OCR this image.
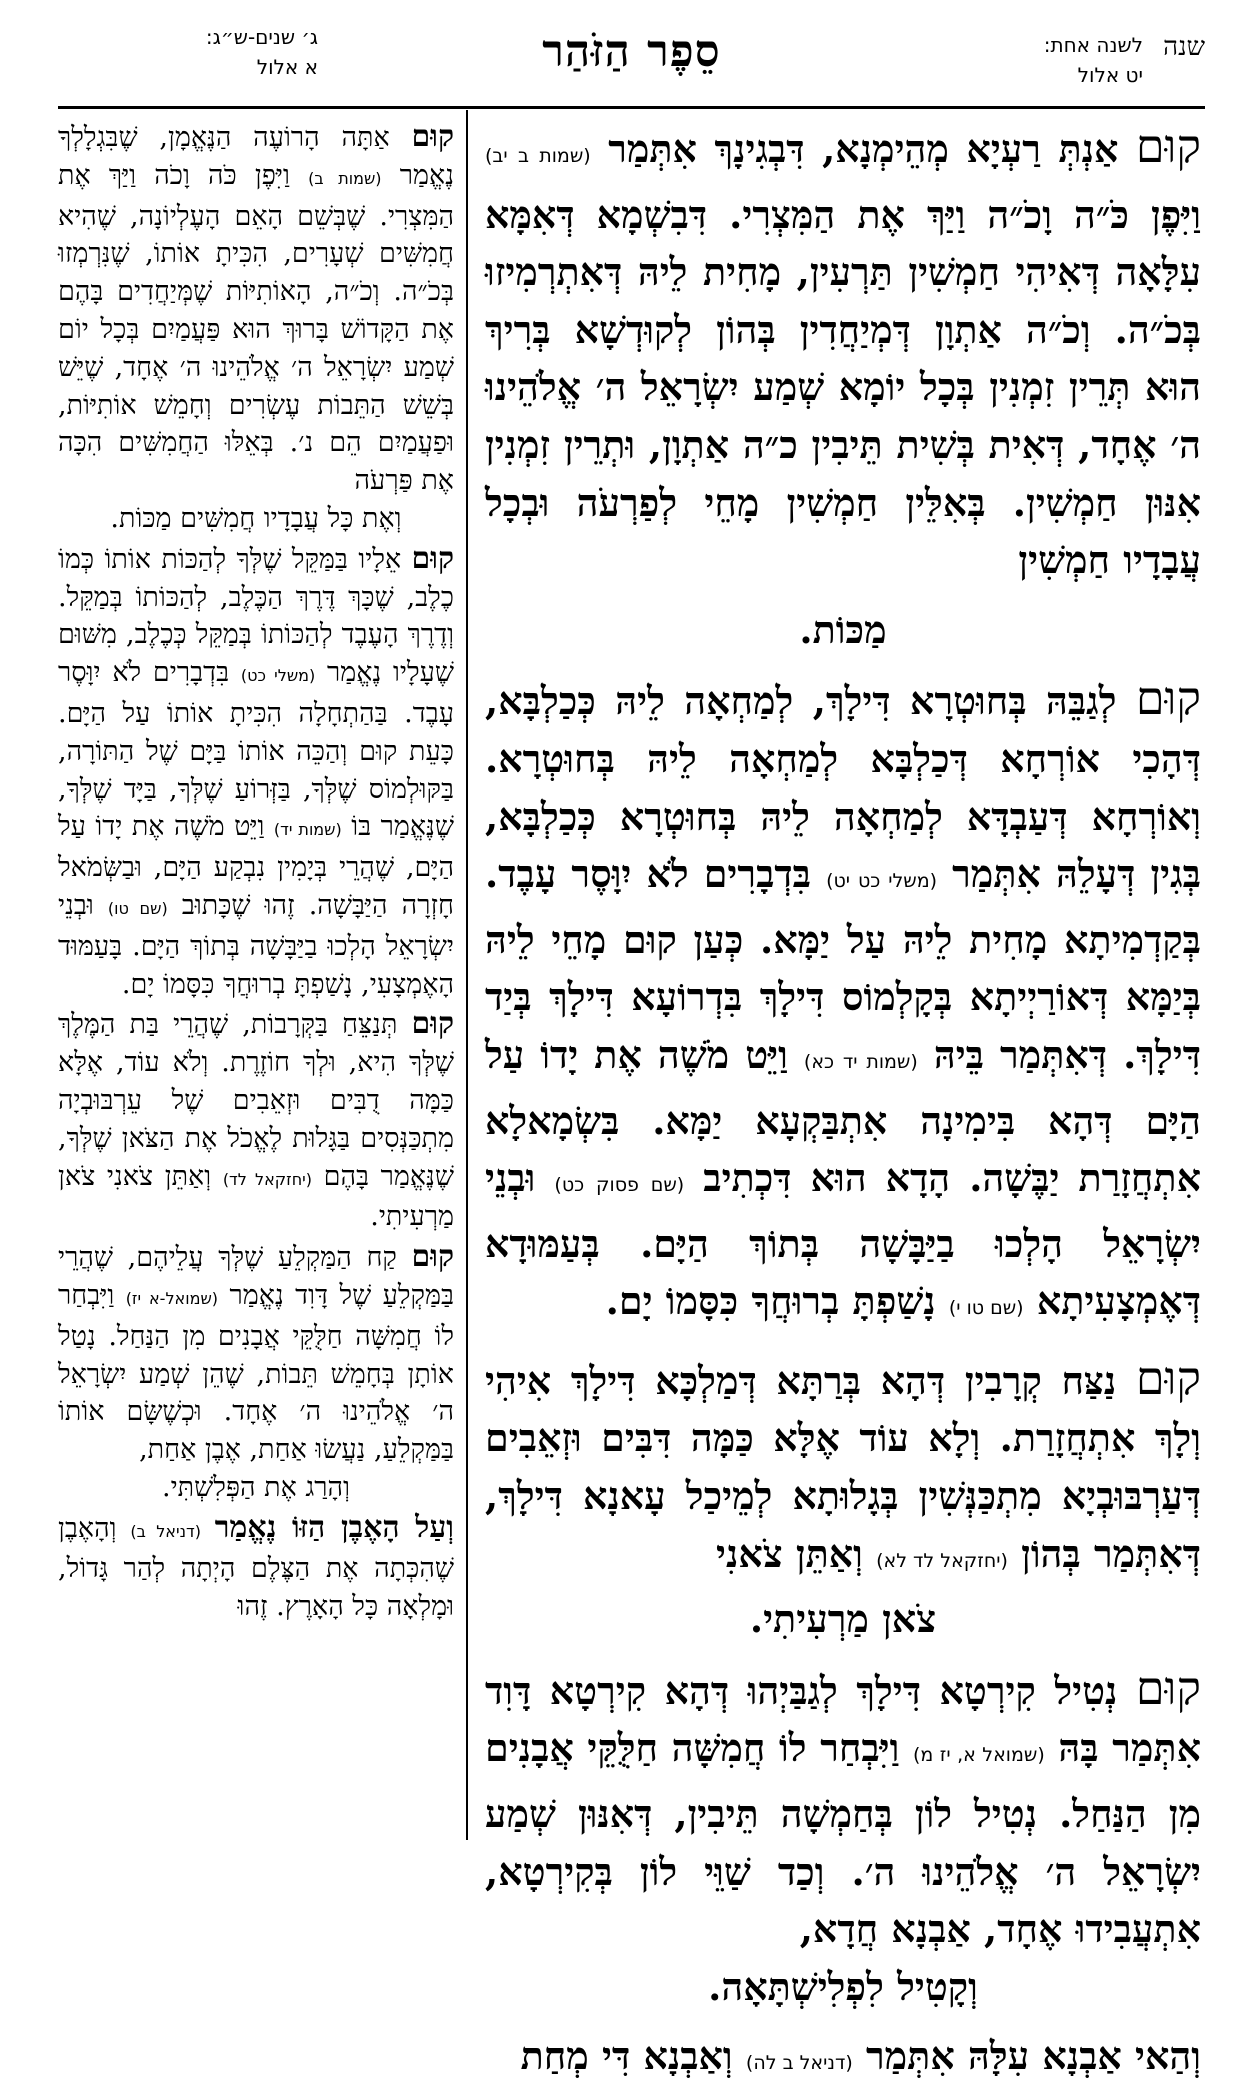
שנה
לשנה אחת:
יט אלול
סֵפֶר הַזֹּהַר
ג׳ שנים-ש״ג:
א אלול

קוּם אַנְתְּ רַעְיָא מְהֵימְנָא, דִּבְגִינָךְ אִתְּמַר (שמות ב יב) וַיִּפֶן כֹּ״ה וָכֹ״ה וַיַּךְ אֶת הַמִּצְרִי. דִּבִשְׁמָא דְּאִמָּא עִלָּאָה דְּאִיהִי חַמְשִׁין תַּרְעִין, מָחִית לֵיהּ דְּאִתְרְמִיזוּ בְּכֹ״ה. וְכֹ״ה אַתְוָן דְּמְיַחֲדִין בְּהוֹן לְקוּדְשָׁא בְּרִיךְ הוּא תְּרֵין זִמְנִין בְּכָל יוֹמָא שְׁמַע יִשְׂרָאֵל ה׳ אֱלֹהֵינוּ ה׳ אֶחָד, דְּאִית בְּשִׁית תֵּיבִין כ״ה אַתְוָן, וּתְרֵין זִמְנִין אִנּוּן חַמְשִׁין. בְּאִלֵּין חַמְשִׁין מָחֵי לְפַרְעֹה וּבְכָל עֲבָדָיו חַמְשִׁין

מַכּוֹת.

קוּם לְגַבֵּהּ בְּחוּטְרָא דִּילָךְ, לְמַחְאָה לֵיהּ כְּכַלְבָּא, דְּהָכִי אוֹרְחָא דְּכַלְבָּא לְמַחְאָה לֵיהּ בְּחוּטְרָא. וְאוֹרְחָא דְּעַבְדָּא לְמַחְאָה לֵיהּ בְּחוּטְרָא כְּכַלְבָּא, בְּגִין דְּעָלֵהּ אִתְּמַר (משלי כט יט) בִּדְבָרִים לֹא יִוָּסֶר עָבֶד. בְּקַדְמִיתָא מָחִית לֵיהּ עַל יַמָּא. כְּעַן קוּם מָחֵי לֵיהּ בְּיַמָּא דְּאוֹרַיְיתָא בְּקָלְמוֹס דִּילָךְ בִּדְרוֹעָא דִּילָךְ בְּיַד דִּילָךְ. דְּאִתְּמַר בֵּיהּ (שמות יד כא) וַיֵּט מֹשֶׁה אֶת יָדוֹ עַל הַיָּם דְּהָא בִּימִינָה אִתְבַּקְעָא יַמָּא. בִּשְׂמָאלָא אִתְחֲזָרַת יַבֶּשָׁה. הָדָא הוּא דִּכְתִיב (שם פסוק כט) וּבְנֵי יִשְׂרָאֵל הָלְכוּ בַיַּבָּשָׁה בְּתוֹךְ הַיָּם. בְּעַמּוּדָא דְּאֶמְצָעִיתָא (שם טו י) נָשַׁפְתָּ בְרוּחֲךָ כִּסָּמוֹ יָם.

קוּם נַצַּח קְרָבִין דְּהָא בְּרַתָּא דְּמַלְכָּא דִּילָךְ אִיהִי וְלָךְ אִתְחֲזָרַת. וְלָא עוֹד אֶלָּא כַּמָּה דִּבִּים וּזְאֵבִים דְּעַרְבּוּבְיָא מִתְכַּנְּשִׁין בְּגָלוּתָא לְמֵיכַל עָאנָא דִּילָךְ, דְּאִתְּמַר בְּהוֹן (יחזקאל לד לא) וְאַתֵּן צֹאנִי

צֹאן מַרְעִיתִי.

קוּם נְטִיל קִירְטָא דִּילָךְ לְגַבַּיְהוּ דְּהָא קִירְטָא דָּוִד אִתְּמַר בָּהּ (שמואל א, יז מ) וַיִּבְחַר לוֹ חֲמִשָּׁה חַלֻּקֵּי אֲבָנִים מִן הַנַּחַל. נְטִיל לוֹן בְּחַמְשָׁה תֵּיבִין, דְּאִנּוּן שְׁמַע יִשְׂרָאֵל ה׳ אֱלֹהֵינוּ ה׳. וְכַד שַׁוֵּי לוֹן בְּקִירְטָא, אִתְעֲבִידוּ אֶחָד, אַבְנָא חֲדָא,

וְקָטִיל לִפְלִישְׁתָּאָה.

וְהַאי אַבְנָא עִלָּהּ אִתְּמַר (דניאל ב לה) וְאַבְנָא דִּי מְחַת

קוּם אַתָּה הָרוֹעֶה הַנֶּאֱמָן, שֶׁבִּגְלָלְךָ נֶאֱמַר (שמות ב) וַיִּפֶן כֹּה וָכֹה וַיַּךְ אֶת הַמִּצְרִי. שֶׁבְּשֵׁם הָאֵם הָעֶלְיוֹנָה, שֶׁהִיא חֲמִשִּׁים שְׁעָרִים, הִכִּיתָ אוֹתוֹ, שֶׁנִּרְמְזוּ בְּכֹ״ה. וְכֹ״ה, הָאוֹתִיּוֹת שֶׁמְּיַחֲדִים בָּהֶם אֶת הַקָּדוֹשׁ בָּרוּךְ הוּא פַּעֲמַיִם בְּכָל יוֹם שְׁמַע יִשְׂרָאֵל ה׳ אֱלֹהֵינוּ ה׳ אֶחָד, שֶׁיֵּשׁ בְּשֵׁשׁ הַתֵּבוֹת עֶשְׂרִים וְחָמֵשׁ אוֹתִיּוֹת, וּפַעֲמַיִם הֵם נ׳. בְּאֵלּוּ הַחֲמִשִּׁים הִכָּה אֶת פַּרְעֹה

וְאֶת כָּל עֲבָדָיו חֲמִשִּׁים מַכּוֹת.

קוּם אֵלָיו בַּמַּקֵּל שֶׁלְּךָ לְהַכּוֹת אוֹתוֹ כְּמוֹ כֶלֶב, שֶׁכָּךְ דֶּרֶךְ הַכֶּלֶב, לְהַכּוֹתוֹ בְּמַקֵּל. וְדֶרֶךְ הָעֶבֶד לְהַכּוֹתוֹ בְּמַקֵּל כְּכֶלֶב, מִשּׁוּם שֶׁעָלָיו נֶאֱמַר (משלי כט) בִּדְבָרִים לֹא יִוָּסֶר עָבֶד. בַּהַתְחָלָה הִכִּיתָ אוֹתוֹ עַל הַיָּם. כָּעֵת קוּם וְהַכֵּה אוֹתוֹ בַּיָּם שֶׁל הַתּוֹרָה, בַּקּוּלְמוֹס שֶׁלְּךָ, בַּזְּרוֹעַ שֶׁלְּךָ, בַּיָּד שֶׁלְּךָ, שֶׁנֶּאֱמַר בּוֹ (שמות יד) וַיֵּט מֹשֶׁה אֶת יָדוֹ עַל הַיָּם, שֶׁהֲרֵי בְּיָמִין נִבְקַע הַיָּם, וּבַשְּׂמֹאל חָזְרָה הַיַּבָּשָׁה. זֶהוּ שֶׁכָּתוּב (שם טו) וּבְנֵי יִשְׂרָאֵל הָלְכוּ בַיַּבָּשָׁה בְּתוֹךְ הַיָּם. בָּעַמּוּד הָאֶמְצָעִי, נָשַׁפְתָּ בְרוּחֲךָ כִּסָּמוֹ יָם.

קוּם תְּנַצֵּחַ בַּקְּרָבוֹת, שֶׁהֲרֵי בַּת הַמֶּלֶךְ שֶׁלְּךָ הִיא, וּלְךָ חוֹזֶרֶת. וְלֹא עוֹד, אֶלָּא כַּמָּה דֻבִּים וּזְאֵבִים שֶׁל עֵרְבּוּבְיָה מִתְכַּנְּסִים בַּגָּלוּת לֶאֱכֹל אֶת הַצֹּאן שֶׁלְּךָ, שֶׁנֶּאֱמַר בָּהֶם (יחזקאל לד) וְאַתֵּן צֹאנִי צֹאן מַרְעִיתִי.

קוּם קַח הַמַּקְלֵעַ שֶׁלְּךָ עֲלֵיהֶם, שֶׁהֲרֵי בַּמַּקְלֵעַ שֶׁל דָּוִד נֶאֱמַר (שמואל-א יז) וַיִּבְחַר לוֹ חֲמִשָּׁה חַלֻּקֵּי אֲבָנִים מִן הַנַּחַל. נָטַל אוֹתָן בְּחָמֵשׁ תֵּבוֹת, שֶׁהֵן שְׁמַע יִשְׂרָאֵל ה׳ אֱלֹהֵינוּ ה׳ אֶחָד. וּכְשֶׁשָּׂם אוֹתוֹ בַּמַּקְלֵעַ, נַעֲשׂוּ אַחַת, אֶבֶן אַחַת,

וְהָרַג אֶת הַפְּלִשְׁתִּי.

וְעַל הָאֶבֶן הַזּוֹ נֶאֱמַר (דניאל ב) וְהָאֶבֶן שֶׁהִכְּתָה אֶת הַצֶּלֶם הָיְתָה לְהַר גָּדוֹל, וּמָלְאָה כָּל הָאָרֶץ. זֶהוּ
